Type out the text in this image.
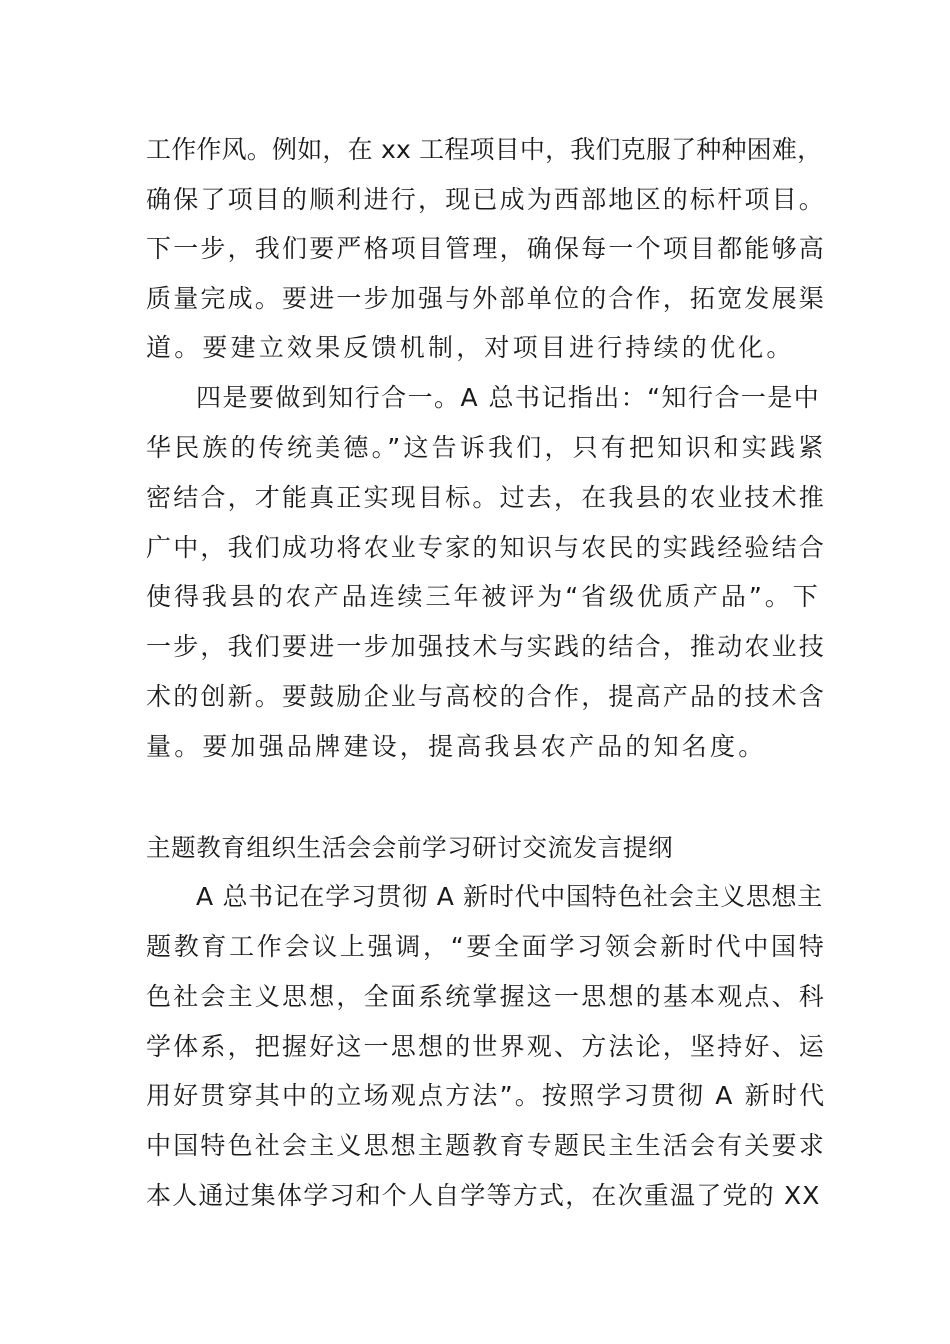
工作作风。例如，在 xx 工程项目中，我们克服了种种困难，
确保了项目的顺利进行，现已成为西部地区的标杆项目。
下一步，我们要严格项目管理，确保每一个项目都能够高
质量完成。要进一步加强与外部单位的合作，拓宽发展渠
道。要建立效果反馈机制，对项目进行持续的优化。
四是要做到知行合一。A 总书记指出：“知行合一是中
华民族的传统美德。”这告诉我们，只有把知识和实践紧
密结合，才能真正实现目标。过去，在我县的农业技术推
广中，我们成功将农业专家的知识与农民的实践经验结合
使得我县的农产品连续三年被评为“省级优质产品”。下
一步，我们要进一步加强技术与实践的结合，推动农业技
术的创新。要鼓励企业与高校的合作，提高产品的技术含
量。要加强品牌建设，提高我县农产品的知名度。
主题教育组织生活会会前学习研讨交流发言提纲
A 总书记在学习贯彻 A 新时代中国特色社会主义思想主
题教育工作会议上强调，“要全面学习领会新时代中国特
色社会主义思想，全面系统掌握这一思想的基本观点、科
学体系，把握好这一思想的世界观、方法论，坚持好、运
用好贯穿其中的立场观点方法”。按照学习贯彻 A 新时代
中国特色社会主义思想主题教育专题民主生活会有关要求
本人通过集体学习和个人自学等方式，在次重温了党的 XX
